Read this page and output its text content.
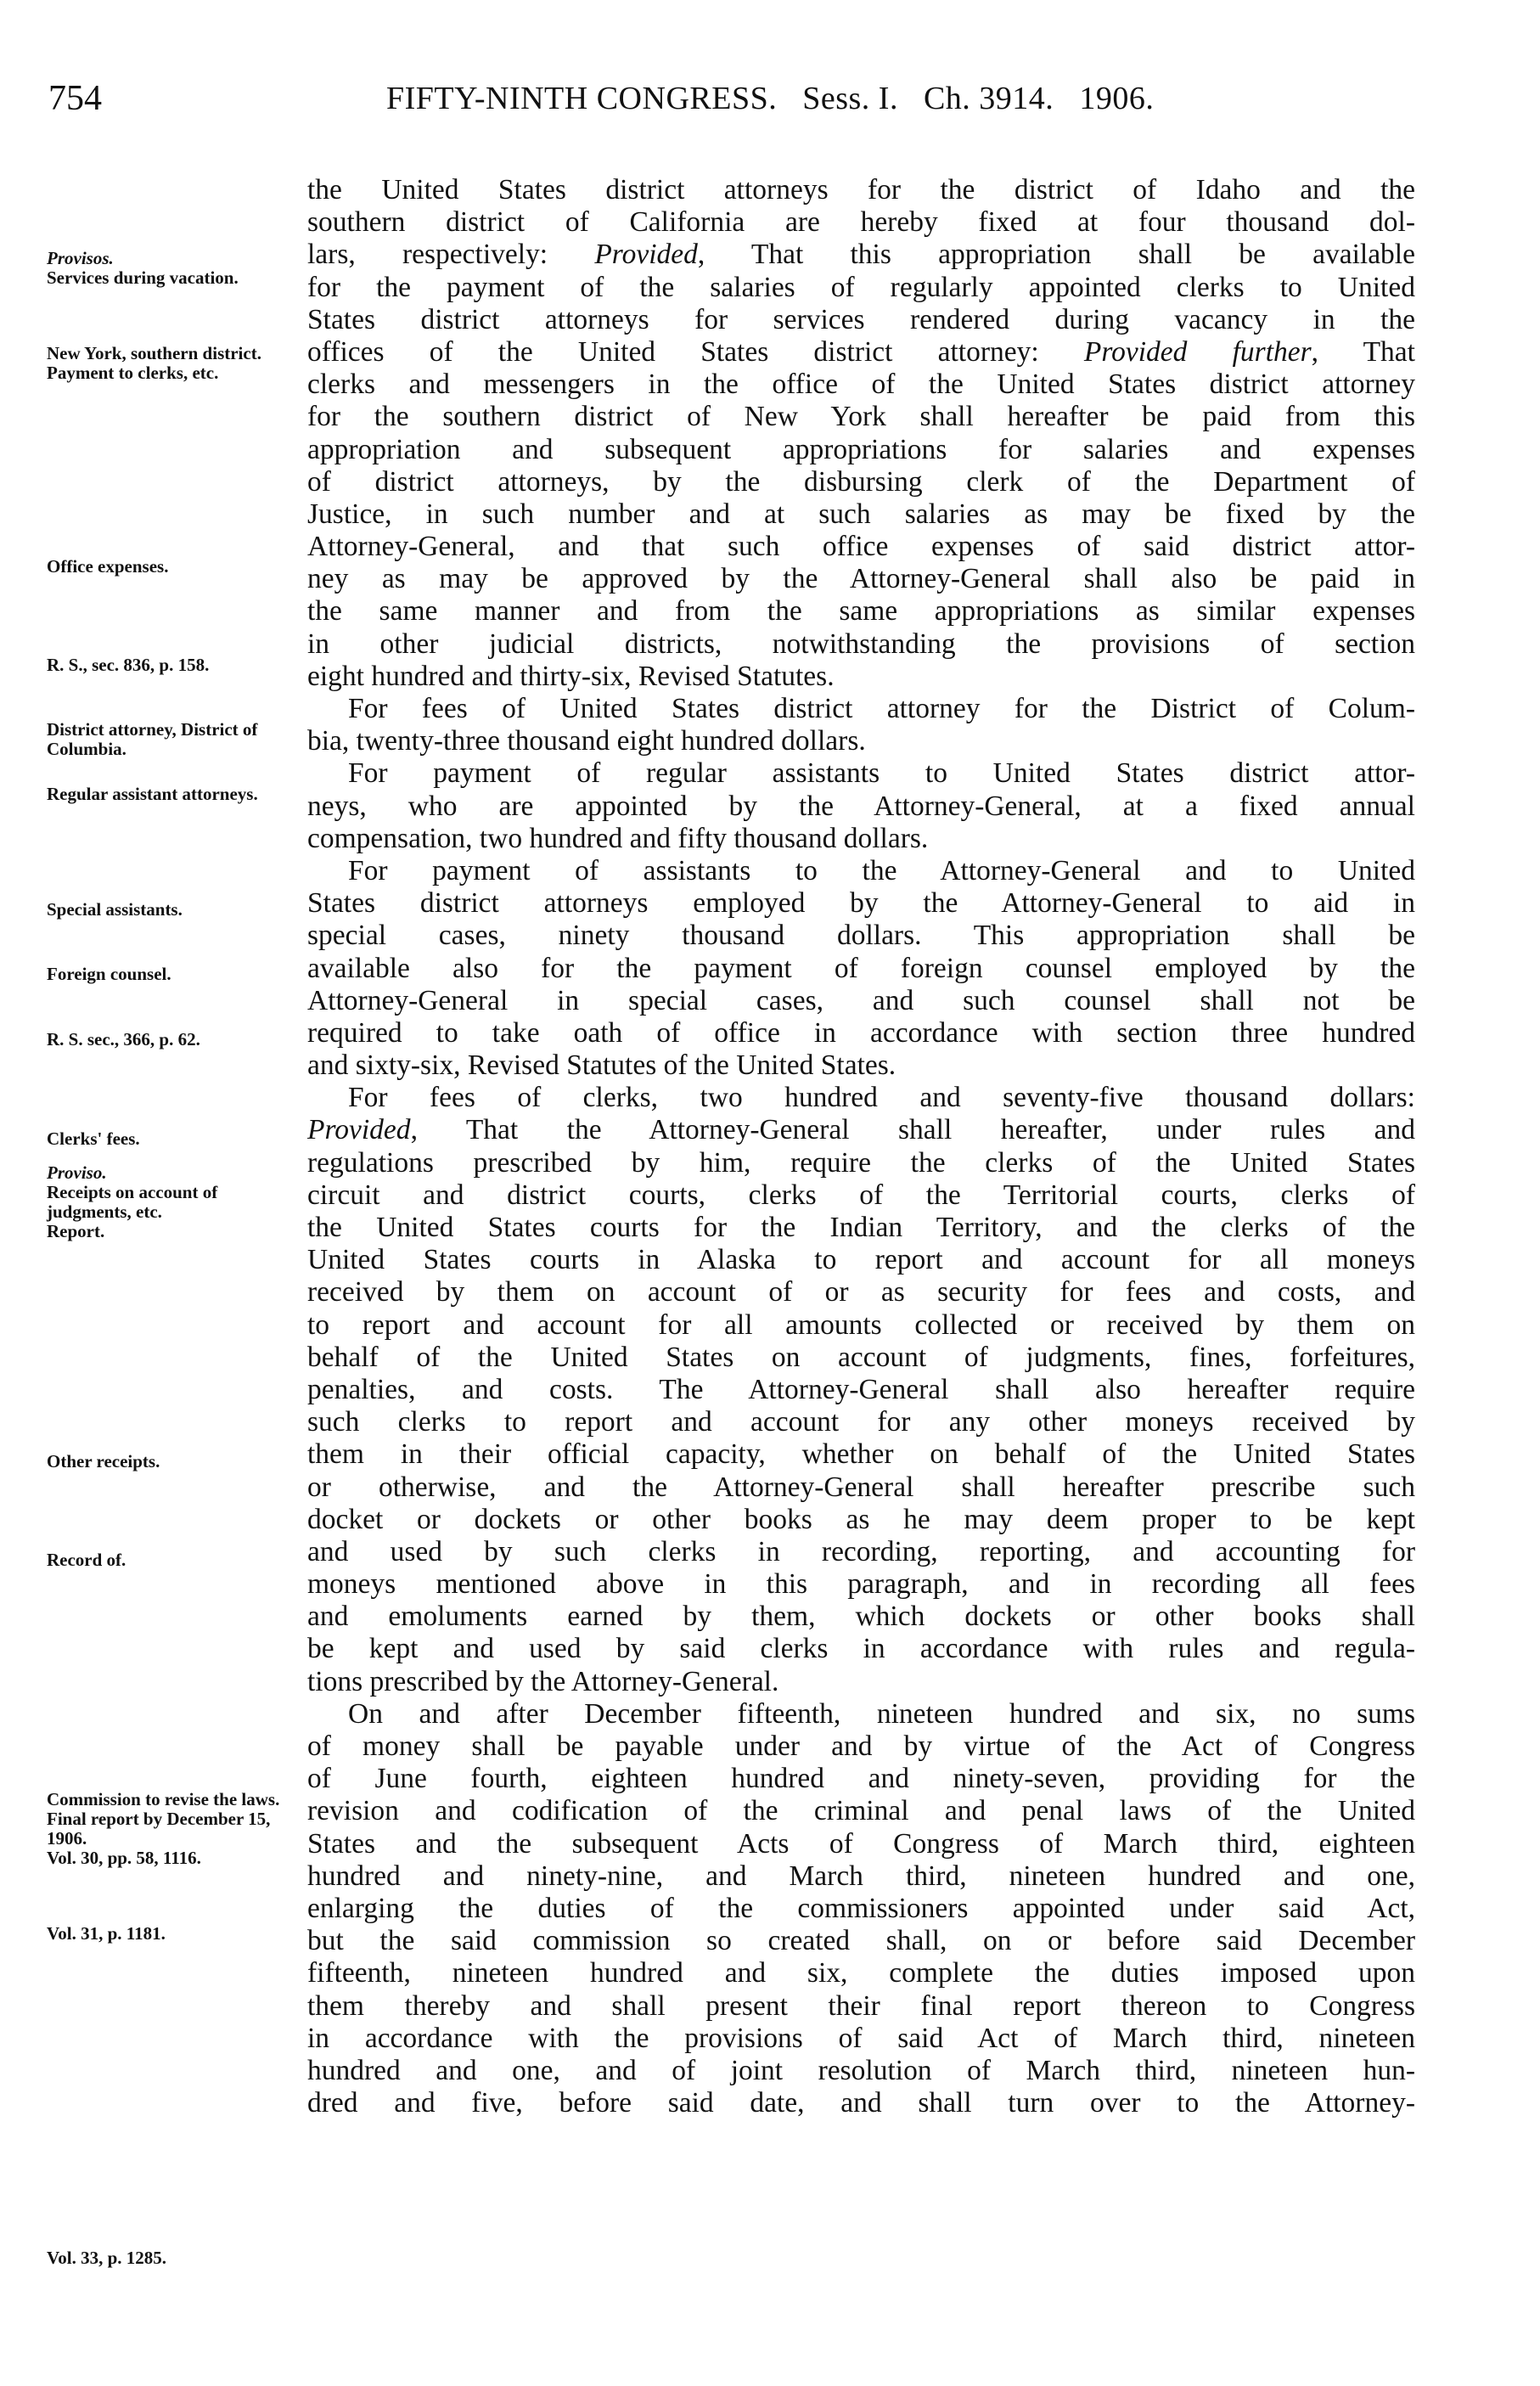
754	FIFTY-NINTH CONGRESS. Sess. I. Ch. 3914. 1906.

Provisos.

Services during vacation.

New York, southern district.

Payment to clerks, etc.

Office expenses.

R. S., sec. 836, p. 158.

District attorney, District of Columbia.

Regular assistant attorneys.

Special assistants.

Foreign counsel.

R. S. sec., 366, p. 62.

Clerks' fees.

Proviso.

Receipts on account of judgments, etc.

Report.

Other receipts.

Record of.

Commission to revise the laws.

Final report by December 15, 1906.

Vol. 30, pp. 58, 1116.

Vol. 31, p. 1181.

Vol. 33, p. 1285.

the United States district attorneys for the district of Idaho and the
southern district of California are hereby fixed at four thousand dol-
lars, respectively: Provided, That this appropriation shall be available
for the payment of the salaries of regularly appointed clerks to United
States district attorneys for services rendered during vacancy in the
offices of the United States district attorney: Provided further, That
clerks and messengers in the office of the United States district attorney
for the southern district of New York shall hereafter be paid from this
appropriation and subsequent appropriations for salaries and expenses
of district attorneys, by the disbursing clerk of the Department of
Justice, in such number and at such salaries as may be fixed by the
Attorney-General, and that such office expenses of said district attor-
ney as may be approved by the Attorney-General shall also be paid in
the same manner and from the same appropriations as similar expenses
in other judicial districts, notwithstanding the provisions of section
eight hundred and thirty-six, Revised Statutes.
For fees of United States district attorney for the District of Colum-
bia, twenty-three thousand eight hundred dollars.
For payment of regular assistants to United States district attor-
neys, who are appointed by the Attorney-General, at a fixed annual
compensation, two hundred and fifty thousand dollars.
For payment of assistants to the Attorney-General and to United
States district attorneys employed by the Attorney-General to aid in
special cases, ninety thousand dollars. This appropriation shall be
available also for the payment of foreign counsel employed by the
Attorney-General in special cases, and such counsel shall not be
required to take oath of office in accordance with section three hundred
and sixty-six, Revised Statutes of the United States.
For fees of clerks, two hundred and seventy-five thousand dollars:
Provided, That the Attorney-General shall hereafter, under rules and
regulations prescribed by him, require the clerks of the United States
circuit and district courts, clerks of the Territorial courts, clerks of
the United States courts for the Indian Territory, and the clerks of the
United States courts in Alaska to report and account for all moneys
received by them on account of or as security for fees and costs, and
to report and account for all amounts collected or received by them on
behalf of the United States on account of judgments, fines, forfeitures,
penalties, and costs. The Attorney-General shall also hereafter require
such clerks to report and account for any other moneys received by
them in their official capacity, whether on behalf of the United States
or otherwise, and the Attorney-General shall hereafter prescribe such
docket or dockets or other books as he may deem proper to be kept
and used by such clerks in recording, reporting, and accounting for
moneys mentioned above in this paragraph, and in recording all fees
and emoluments earned by them, which dockets or other books shall
be kept and used by said clerks in accordance with rules and regula-
tions prescribed by the Attorney-General.
On and after December fifteenth, nineteen hundred and six, no sums
of money shall be payable under and by virtue of the Act of Congress
of June fourth, eighteen hundred and ninety-seven, providing for the
revision and codification of the criminal and penal laws of the United
States and the subsequent Acts of Congress of March third, eighteen
hundred and ninety-nine, and March third, nineteen hundred and one,
enlarging the duties of the commissioners appointed under said Act,
but the said commission so created shall, on or before said December
fifteenth, nineteen hundred and six, complete the duties imposed upon
them thereby and shall present their final report thereon to Congress
in accordance with the provisions of said Act of March third, nineteen
hundred and one, and of joint resolution of March third, nineteen hun-
dred and five, before said date, and shall turn over to the Attorney-
